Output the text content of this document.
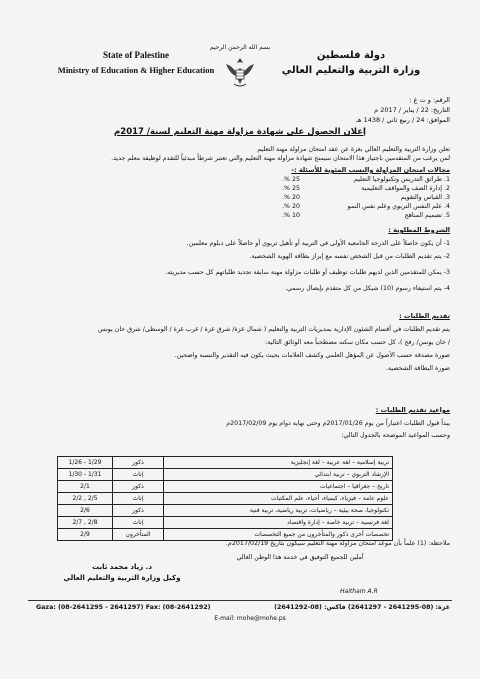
State of Palestine
Ministry of Education & Higher Education
بسم الله الرحمن الرحيم
دولة فلسطين
وزارة التربية والتعليم العالي
الرقم: و ت غ :
التاريخ: 22 / يناير / 2017 م
الموافق: 24 / ربيع ثاني / 1438 هـ
إعلان الحصول على شهادة مزاولة مهنة التعليم لسنة/ 2017م
تعلن وزارة التربية والتعليم العالي بغزة عن عقد امتحان مزاولة مهنة التعليم
لمن يرغب من المتقدمين باجتياز هذا الامتحان سيمنح شهادة مزاولة مهنة التعليم والتي تعتبر شرطاً مبدئياً للتقدم لوظيفة معلم جديد.
مجالات امتحان المزاولة والنسب المئوية للأسئلة :-
1. طرائق التدريس وتكنولوجيا التعليم
25 %.
2. إدارة الصف والمواقف التعليمية
25 %.
3. القياس والتقويم
20 %.
4. علم النفس التربوي وعلم نفس النمو
20 %.
5. تصميم المناهج
10 %.
الشروط المطلوبة :
1- أن يكون حاصلاً على الدرجة الجامعية الأولى في التربية أو تأهيل تربوي أو حاصلاً على دبلوم معلمين.
2- يتم تقديم الطلبات من قبل الشخص نفسه مع إبراز بطاقة الهوية الشخصية.
3- يمكن للمتقدمين الذين لديهم طلبات توظيف أو طلبات مزاولة مهنة سابقة تجديد طلباتهم كل حسب مديريته.
4- يتم استيفاء رسوم (10) شيكل من كل متقدم بإيصال رسمي.
تقديم الطلبات :
يتم تقديم الطلبات في أقسام الشئون الإدارية بمديريات التربية والتعليم ( شمال غزة/ شرق غزة / غرب غزة / الوسطى/ شرق خان يونس
/ خان يونس/ رفح )، كل حسب مكان سكنه مصطحباً معه الوثائق التالية:
صورة مصدقة حسب الأصول عن المؤهل العلمي وكشف العلامات بحيث يكون فيه التقدير والنسبة واضحين.
صورة البطاقة الشخصية.
مواعيد تقديم الطلبات :
يبدأ قبول الطلبات اعتباراً من يوم 2017/01/26م وحتى نهاية دوام يوم 2017/02/09م
وحسب المواعيد الموضحة بالجدول التالي:
تربية إسلامية – لغة عربية – لغة إنجليزية	ذكور	1/29 - 1/26
الإرشاد التربوي – تربية ابتدائي	إناث	1/31 - 1/30
تاريخ – جغرافيا – اجتماعيات	ذكور	2/1
علوم عامة – فيزياء، كيمياء، أحياء، علم المكتبات	إناث	2/5 , 2/2
تكنولوجيا، صحة بيئية – رياضيات، تربية رياضية، تربية فنية	ذكور	2/6
لغة فرنسية – تربية خاصة – إدارة واقتصاد	إناث	2/8 , 2/7
تخصصات أخرى ذكور والمتأخرون من جميع التخصصات	المتأخرون	2/9
ملاحظة: (1) علماً بأن موعد امتحان مزاولة مهنة التعليم سيكون بتاريخ 2017/02/19م.
آملين للجميع التوفيق في خدمة هذا الوطن الغالي
د. زياد محمد ثابت
وكيل وزارة التربية والتعليم العالي
Haitham A.R
Gaza: (08-2641295 - 2641297) Fax: (08-2641292)	غزة: (08-2641295 - 2641297) فاكس: (08-2641292)
E-mail: mohe@mohe.ps
